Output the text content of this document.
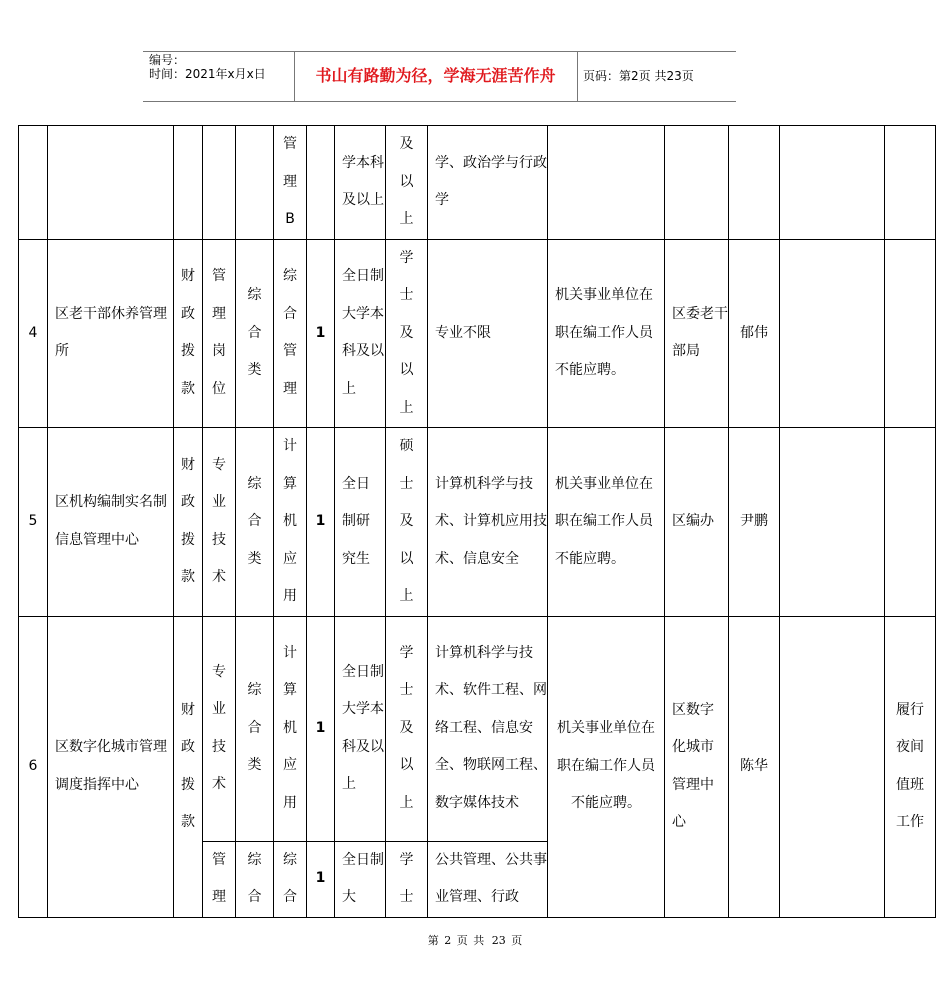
编号：
时间：2021年x月x日	书山有路勤为径，学海无涯苦作舟	页码：第2页 共23页

					管理B		学本科及以上	及以上	学、政治学与行政学					
4	区老干部休养管理所	财政拨款	管理岗位	综合类	综合管理	1	全日制大学本科及以上	学士及以上	专业不限	机关事业单位在职在编工作人员不能应聘。	区委老干部局	郁伟		
5	区机构编制实名制信息管理中心	财政拨款	专业技术	综合类	计算机应用	1	全日制研究生	硕士及以上	计算机科学与技术、计算机应用技术、信息安全	机关事业单位在职在编工作人员不能应聘。	区编办	尹鹏		
6	区数字化城市管理调度指挥中心	财政拨款	专业技术	综合类	计算机应用	1	全日制大学本科及以上	学士及以上	计算机科学与技术、软件工程、网络工程、信息安全、物联网工程、数字媒体技术	机关事业单位在职在编工作人员不能应聘。	区数字化城市管理中心	陈华		履行夜间值班工作

			管理	综合	综合	1	全日制大	学士	公共管理、公共事业管理、行政					
第 2 页 共 23 页
